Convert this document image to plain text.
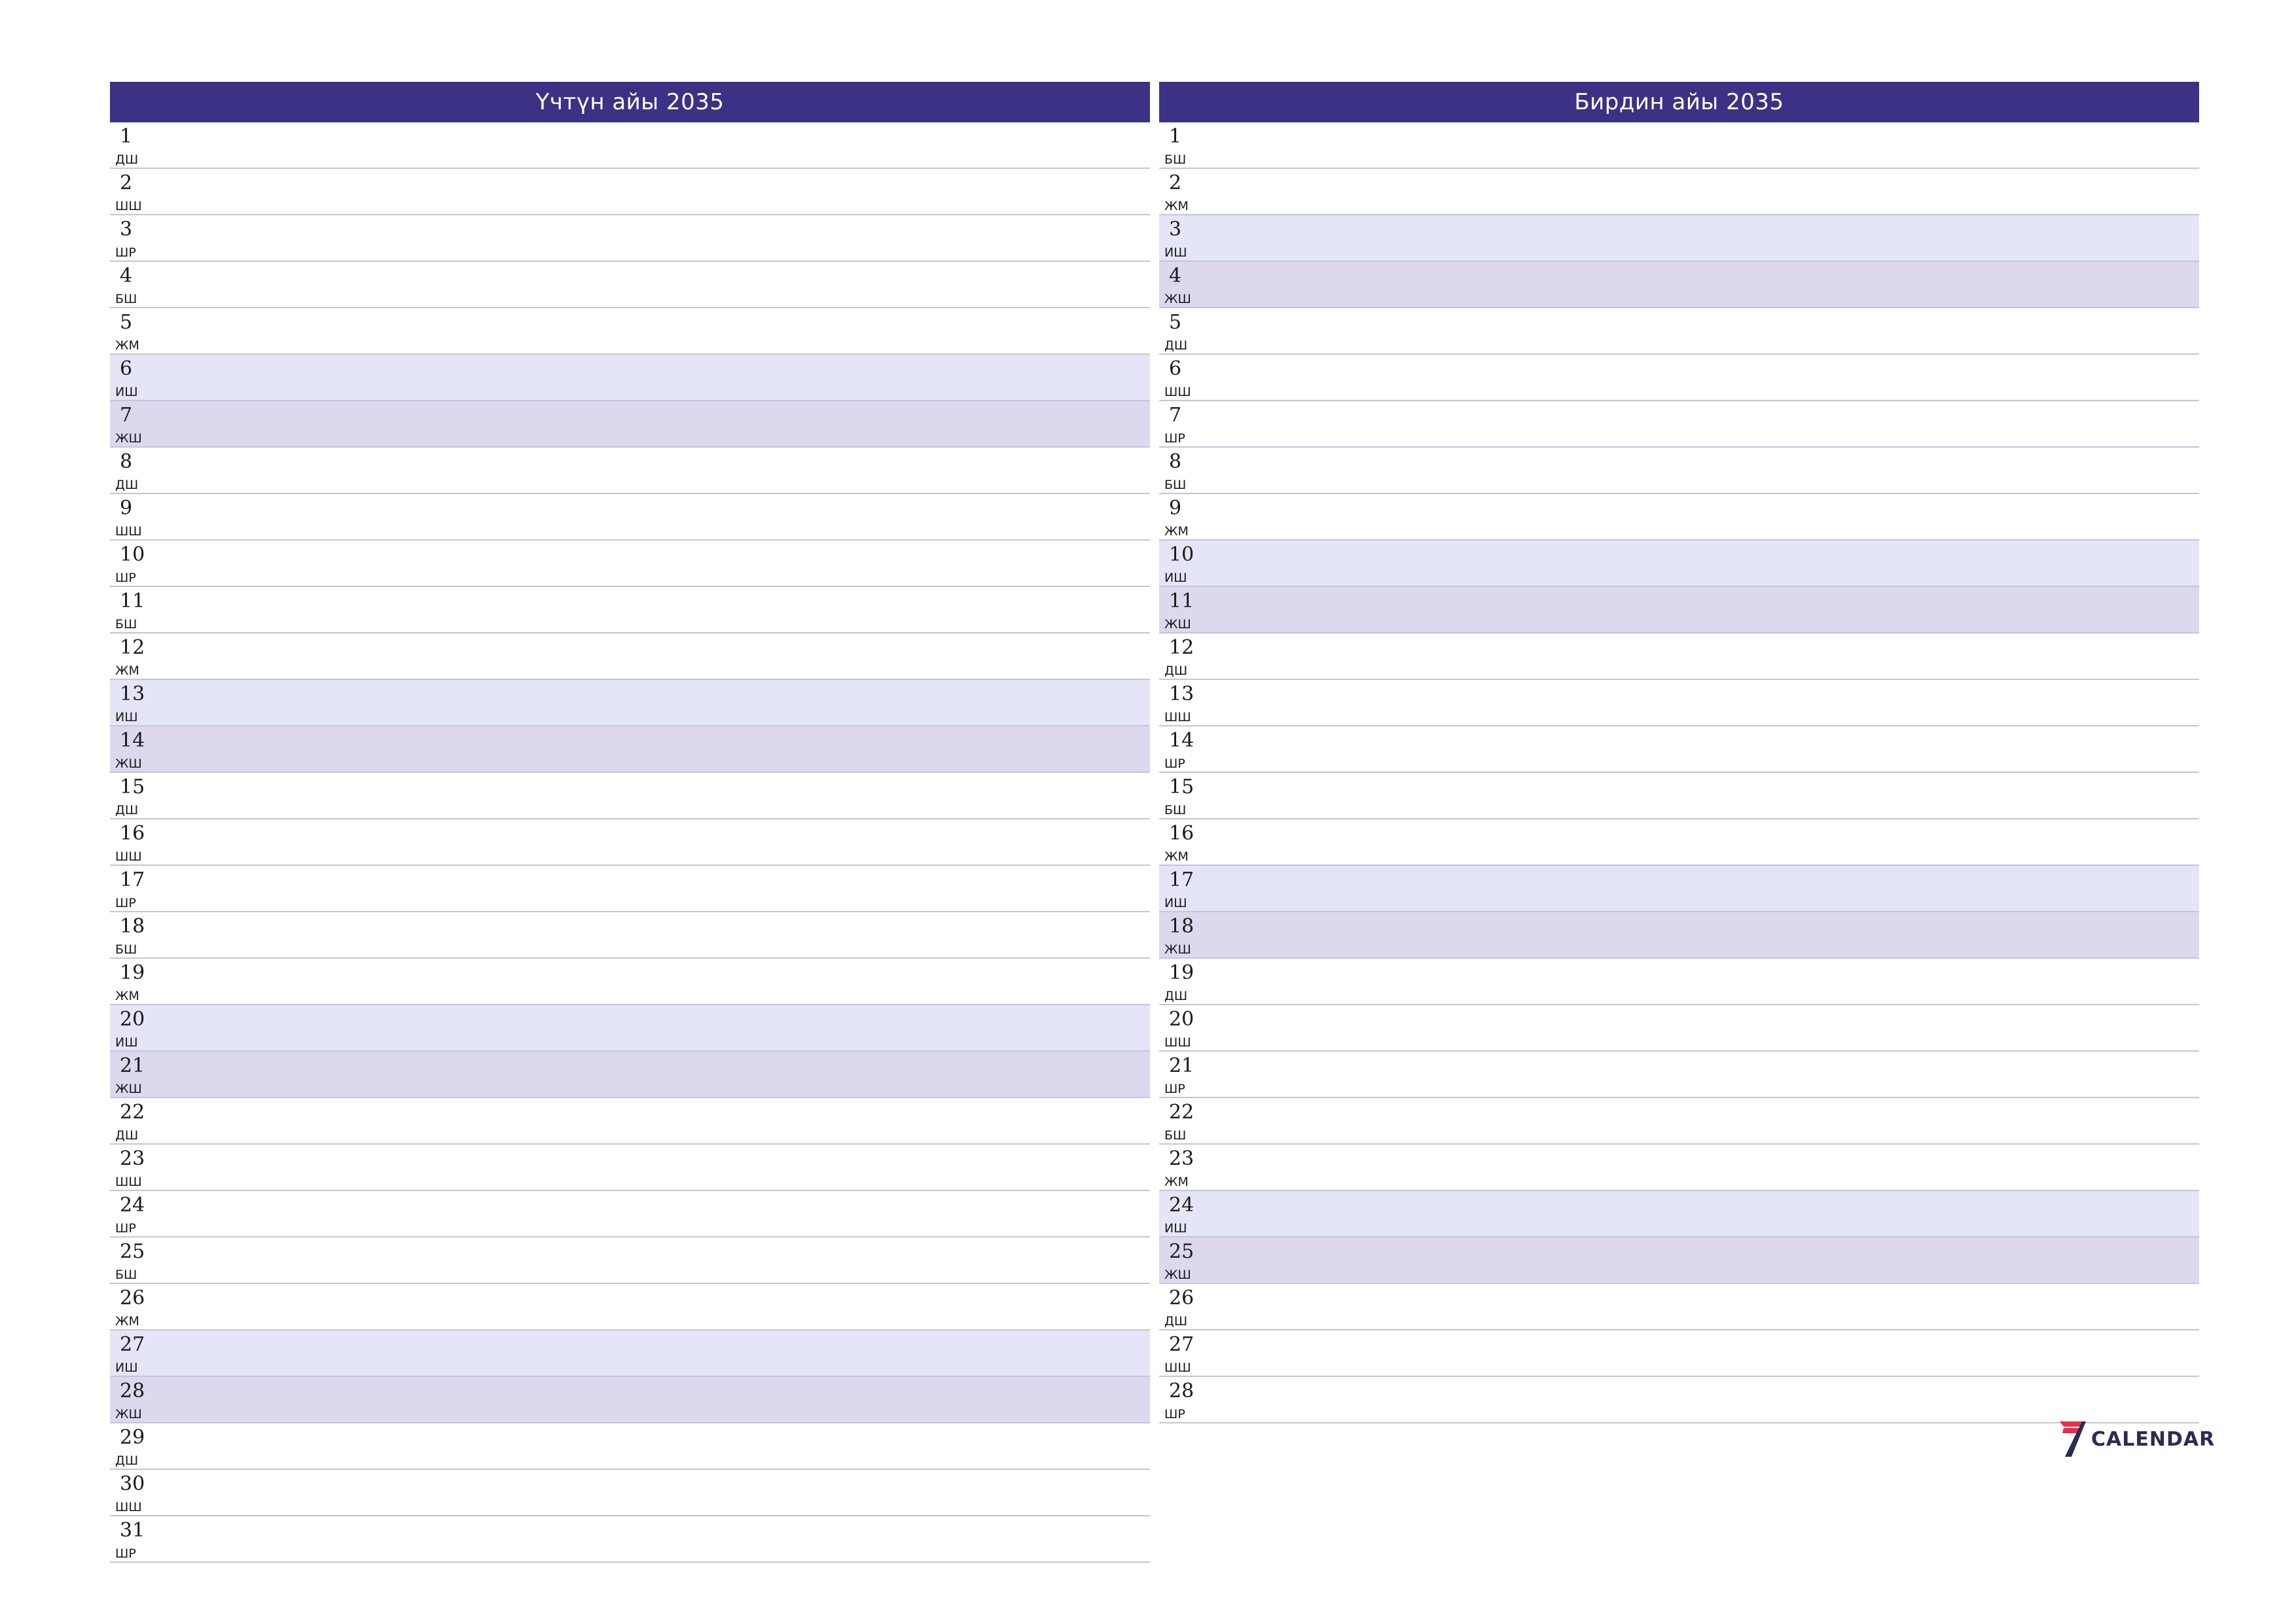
Үчтүн айы 2035
1
ДШ
2
ШШ
3
ШР
4
БШ
5
ЖМ
6
ИШ
7
ЖШ
8
ДШ
9
ШШ
10
ШР
11
БШ
12
ЖМ
13
ИШ
14
ЖШ
15
ДШ
16
ШШ
17
ШР
18
БШ
19
ЖМ
20
ИШ
21
ЖШ
22
ДШ
23
ШШ
24
ШР
25
БШ
26
ЖМ
27
ИШ
28
ЖШ
29
ДШ
30
ШШ
31
ШР
Бирдин айы 2035
1
БШ
2
ЖМ
3
ИШ
4
ЖШ
5
ДШ
6
ШШ
7
ШР
8
БШ
9
ЖМ
10
ИШ
11
ЖШ
12
ДШ
13
ШШ
14
ШР
15
БШ
16
ЖМ
17
ИШ
18
ЖШ
19
ДШ
20
ШШ
21
ШР
22
БШ
23
ЖМ
24
ИШ
25
ЖШ
26
ДШ
27
ШШ
28
ШР
CALENDAR
